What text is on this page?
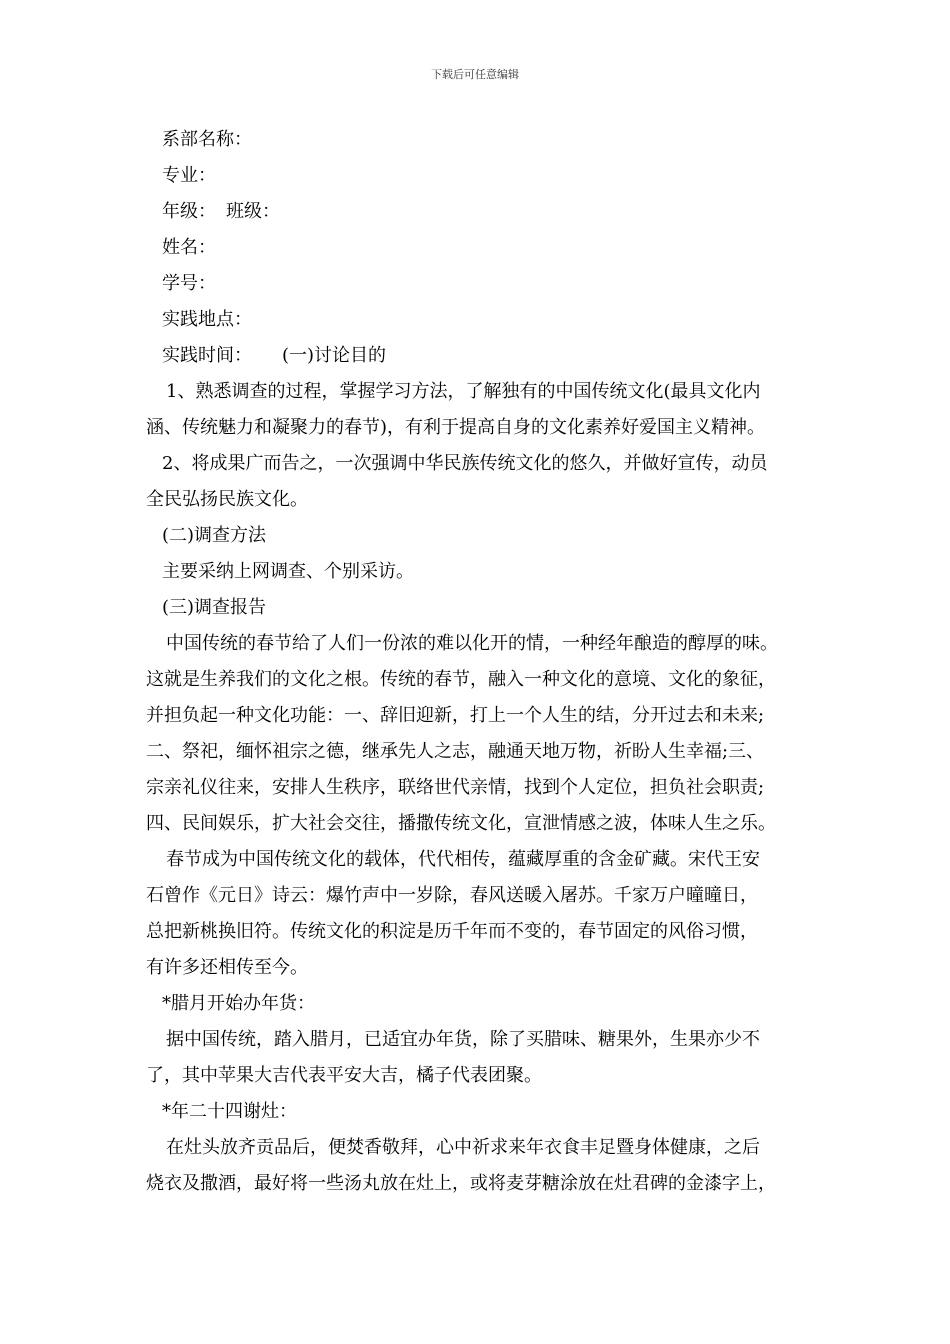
下载后可任意编辑
系部名称：
专业：
年级： 班级：
姓名：
学号：
实践地点：
实践时间： (一)讨论目的
1、熟悉调查的过程，掌握学习方法，了解独有的中国传统文化(最具文化内
涵、传统魅力和凝聚力的春节)，有利于提高自身的文化素养好爱国主义精神。
2、将成果广而告之，一次强调中华民族传统文化的悠久，并做好宣传，动员
全民弘扬民族文化。
(二)调查方法
主要采纳上网调查、个别采访。
(三)调查报告
中国传统的春节给了人们一份浓的难以化开的情，一种经年酿造的醇厚的味。
这就是生养我们的文化之根。传统的春节，融入一种文化的意境、文化的象征，
并担负起一种文化功能：一、辞旧迎新，打上一个人生的结，分开过去和未来;
二、祭祀，缅怀祖宗之德，继承先人之志，融通天地万物，祈盼人生幸福;三、
宗亲礼仪往来，安排人生秩序，联络世代亲情，找到个人定位，担负社会职责;
四、民间娱乐，扩大社会交往，播撒传统文化，宣泄情感之波，体味人生之乐。
春节成为中国传统文化的载体，代代相传，蕴藏厚重的含金矿藏。宋代王安
石曾作《元日》诗云：爆竹声中一岁除，春风送暖入屠苏。千家万户曈曈日，
总把新桃换旧符。传统文化的积淀是历千年而不变的，春节固定的风俗习惯，
有许多还相传至今。
*腊月开始办年货：
据中国传统，踏入腊月，已适宜办年货，除了买腊味、糖果外，生果亦少不
了，其中苹果大吉代表平安大吉，橘子代表团聚。
*年二十四谢灶：
在灶头放齐贡品后，便焚香敬拜，心中祈求来年衣食丰足暨身体健康，之后
烧衣及撒酒，最好将一些汤丸放在灶上，或将麦芽糖涂放在灶君碑的金漆字上，
